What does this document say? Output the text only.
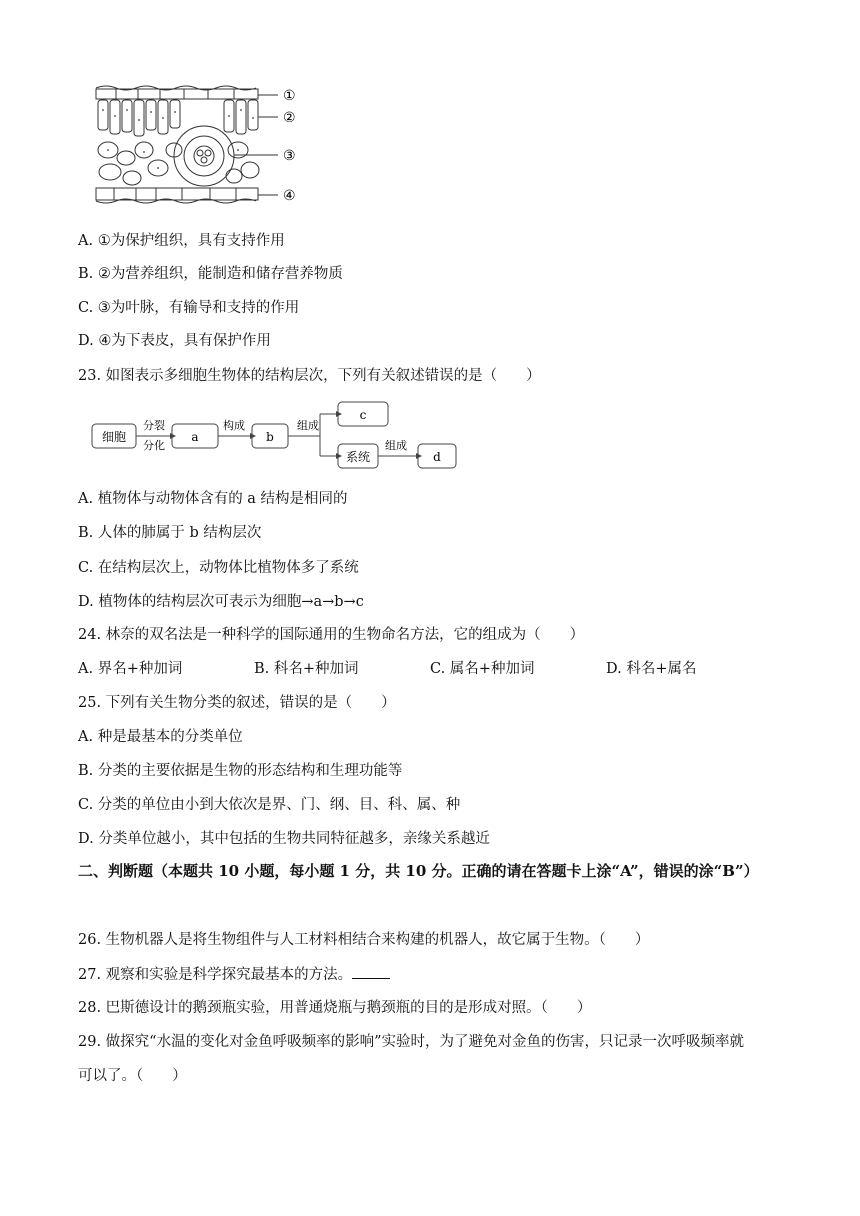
①
②
③
④
A. ①为保护组织，具有支持作用
B. ②为营养组织，能制造和储存营养物质
C. ③为叶脉，有输导和支持的作用
D. ④为下表皮，具有保护作用
23. 如图表示多细胞生物体的结构层次，下列有关叙述错误的是（　　）
细胞
分裂
分化
a
构成
b
组成
c
系统
组成
d
A. 植物体与动物体含有的 a 结构是相同的
B. 人体的肺属于 b 结构层次
C. 在结构层次上，动物体比植物体多了系统
D. 植物体的结构层次可表示为细胞→a→b→c
24. 林奈的双名法是一种科学的国际通用的生物命名方法，它的组成为（　　）
A. 界名+种加词	B. 科名+种加词	C. 属名+种加词	D. 科名+属名
25. 下列有关生物分类的叙述，错误的是（　　）
A. 种是最基本的分类单位
B. 分类的主要依据是生物的形态结构和生理功能等
C. 分类的单位由小到大依次是界、门、纲、目、科、属、种
D. 分类单位越小，其中包括的生物共同特征越多，亲缘关系越近
二、判断题（本题共 10 小题，每小题 1 分，共 10 分。正确的请在答题卡上涂“A”，错误的涂“B”）
26. 生物机器人是将生物组件与人工材料相结合来构建的机器人，故它属于生物。（　　）
27. 观察和实验是科学探究最基本的方法。
28. 巴斯德设计的鹅颈瓶实验，用普通烧瓶与鹅颈瓶的目的是形成对照。（　　）
29. 做探究“水温的变化对金鱼呼吸频率的影响”实验时，为了避免对金鱼的伤害，只记录一次呼吸频率就
可以了。（　　）
